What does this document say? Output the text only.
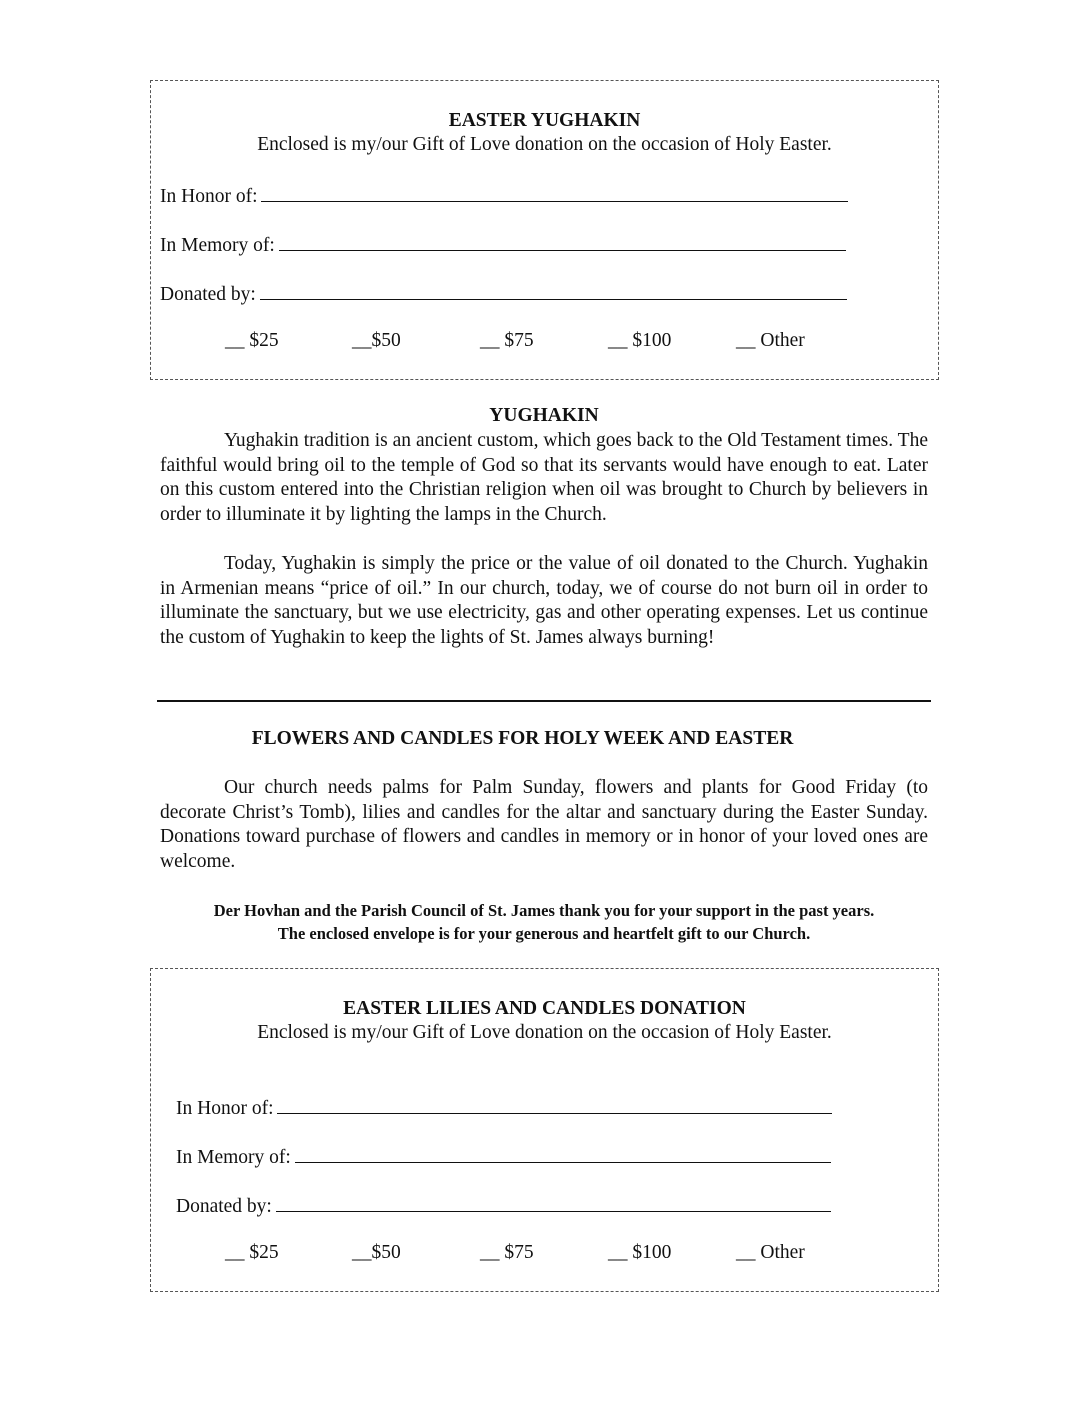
EASTER YUGHAKIN
Enclosed is my/our Gift of Love donation on the occasion of Holy Easter.
In Honor of:
In Memory of:
Donated by:
__ $25	__$50	__ $75	__ $100	__ Other
YUGHAKIN

Yughakin tradition is an ancient custom, which goes back to the Old Testament times. The faithful would bring oil to the temple of God so that its servants would have enough to eat. Later on this custom entered into the Christian religion when oil was brought to Church by believers in order to illuminate it by lighting the lamps in the Church.

Today, Yughakin is simply the price or the value of oil donated to the Church. Yughakin in Armenian means “price of oil.” In our church, today, we of course do not burn oil in order to illuminate the sanctuary, but we use electricity, gas and other operating expenses. Let us continue the custom of Yughakin to keep the lights of St. James always burning!

FLOWERS AND CANDLES FOR HOLY WEEK AND EASTER

Our church needs palms for Palm Sunday, flowers and plants for Good Friday (to decorate Christ’s Tomb), lilies and candles for the altar and sanctuary during the Easter Sunday. Donations toward purchase of flowers and candles in memory or in honor of your loved ones are welcome.

Der Hovhan and the Parish Council of St. James thank you for your support in the past years.
The enclosed envelope is for your generous and heartfelt gift to our Church.
EASTER LILIES AND CANDLES DONATION
Enclosed is my/our Gift of Love donation on the occasion of Holy Easter.
In Honor of:
In Memory of:
Donated by:
__ $25	__$50	__ $75	__ $100	__ Other
